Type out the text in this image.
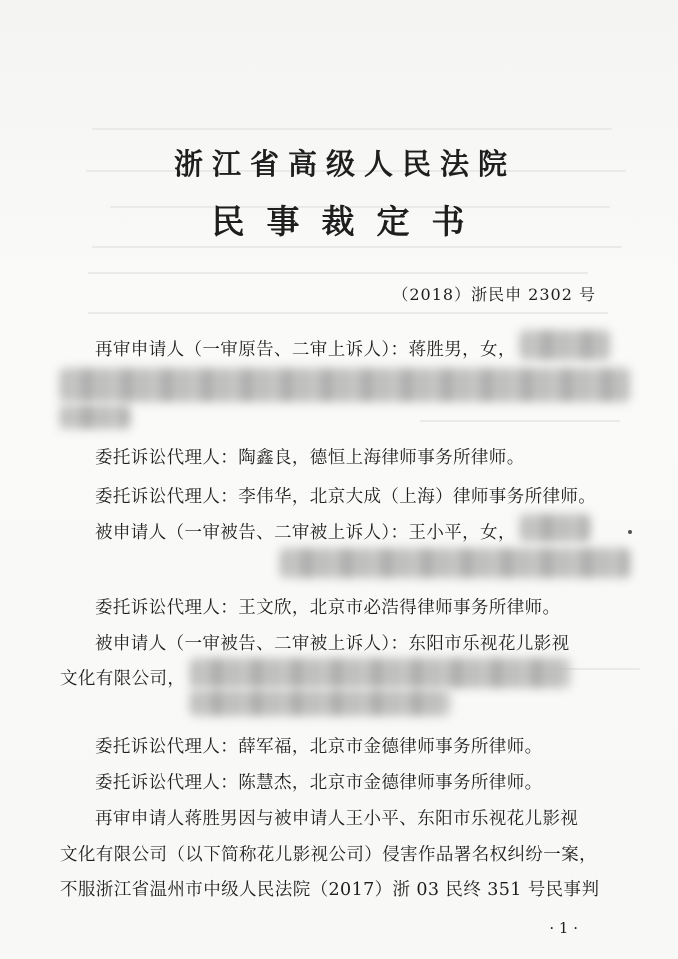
浙江省高级人民法院
民事裁定书
（2018）浙民申 2302 号
再审申请人（一审原告、二审上诉人）：蒋胜男，女，
委托诉讼代理人：陶鑫良，德恒上海律师事务所律师。
委托诉讼代理人：李伟华，北京大成（上海）律师事务所律师。
被申请人（一审被告、二审被上诉人）：王小平，女，
委托诉讼代理人：王文欣，北京市必浩得律师事务所律师。
被申请人（一审被告、二审被上诉人）：东阳市乐视花儿影视
文化有限公司，
委托诉讼代理人：薛军福，北京市金德律师事务所律师。
委托诉讼代理人：陈慧杰，北京市金德律师事务所律师。
再审申请人蒋胜男因与被申请人王小平、东阳市乐视花儿影视
文化有限公司（以下简称花儿影视公司）侵害作品署名权纠纷一案，
不服浙江省温州市中级人民法院（2017）浙 03 民终 351 号民事判
· 1 ·
